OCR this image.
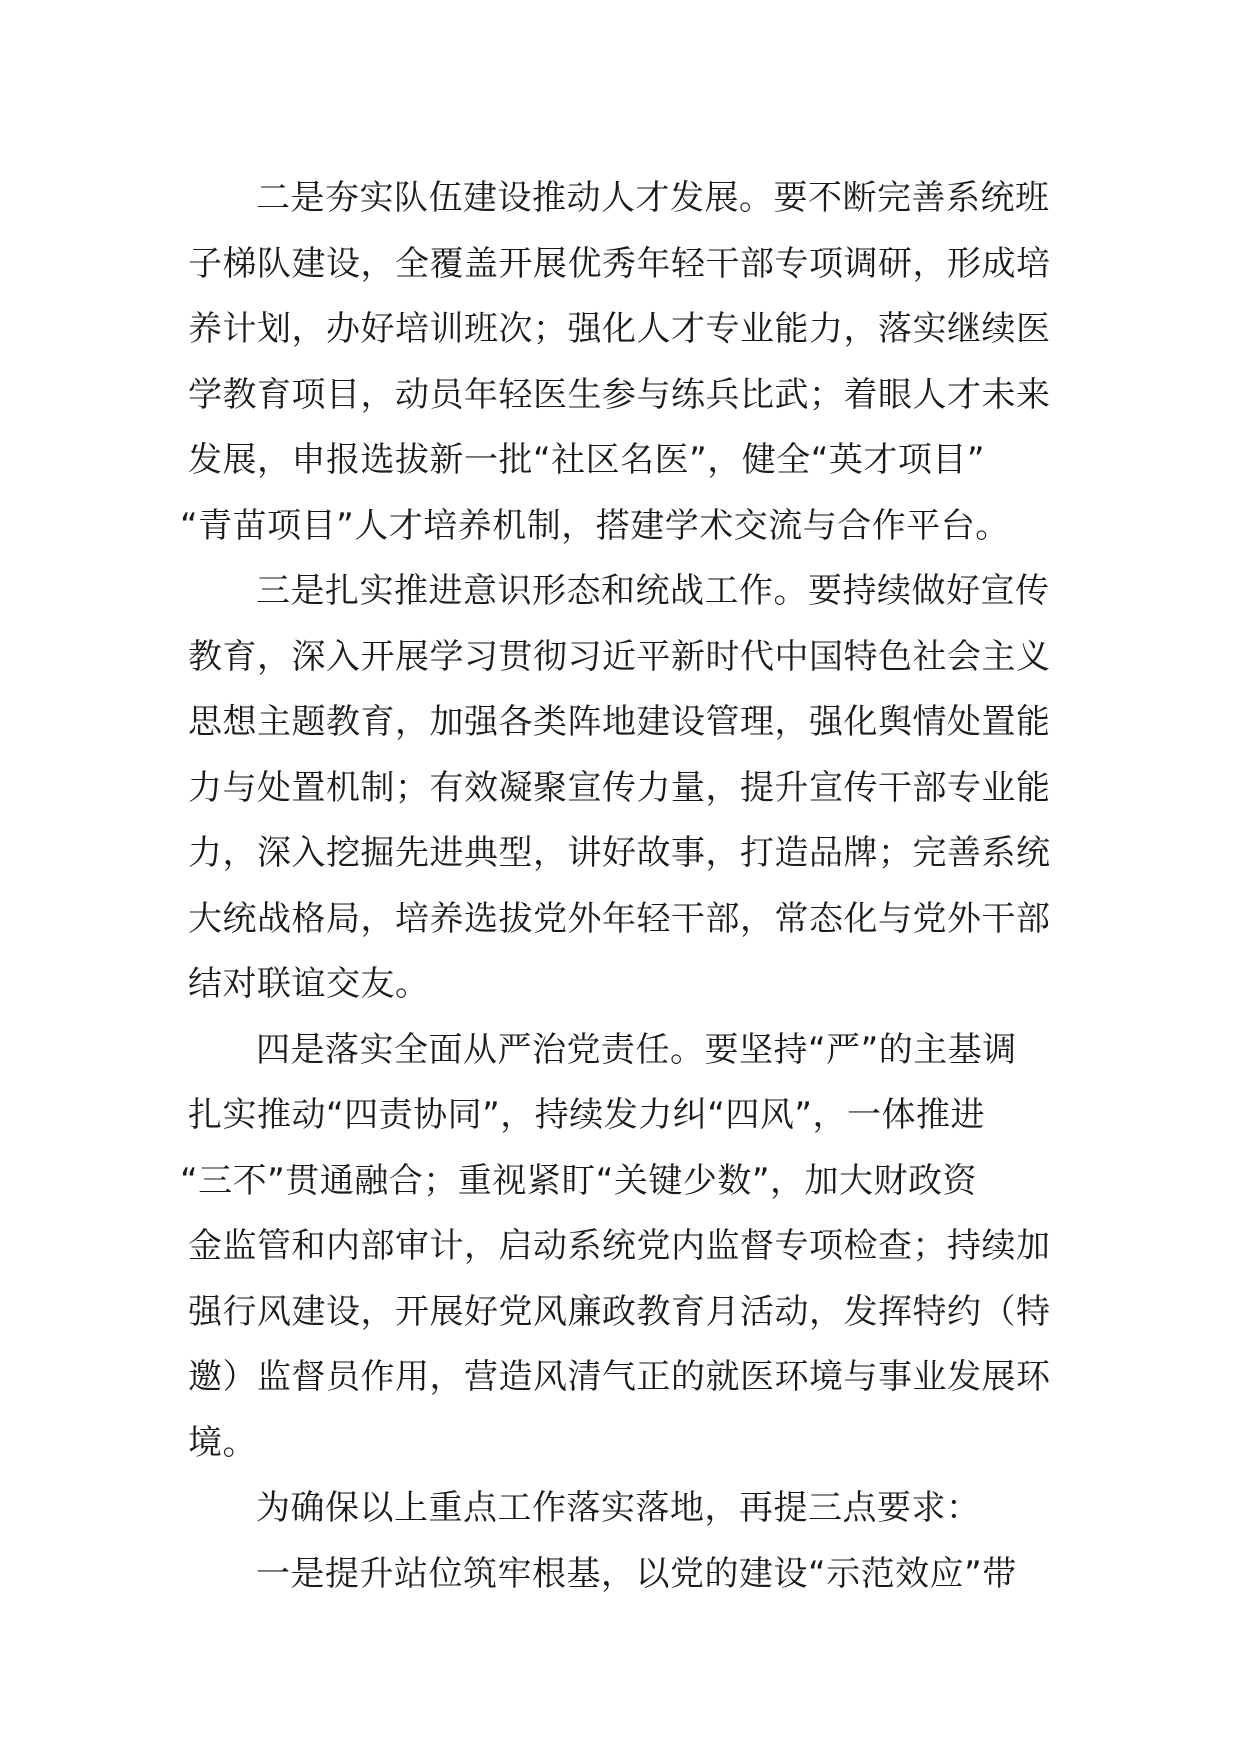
二是夯实队伍建设推动人才发展。要不断完善系统班
子梯队建设，全覆盖开展优秀年轻干部专项调研，形成培
养计划，办好培训班次；强化人才专业能力，落实继续医
学教育项目，动员年轻医生参与练兵比武；着眼人才未来
发展，申报选拔新一批“社区名医”，健全“英才项目”
“青苗项目”人才培养机制，搭建学术交流与合作平台。

三是扎实推进意识形态和统战工作。要持续做好宣传
教育，深入开展学习贯彻习近平新时代中国特色社会主义
思想主题教育，加强各类阵地建设管理，强化舆情处置能
力与处置机制；有效凝聚宣传力量，提升宣传干部专业能
力，深入挖掘先进典型，讲好故事，打造品牌；完善系统
大统战格局，培养选拔党外年轻干部，常态化与党外干部
结对联谊交友。

四是落实全面从严治党责任。要坚持“严”的主基调
扎实推动“四责协同”，持续发力纠“四风”，一体推进
“三不”贯通融合；重视紧盯“关键少数”，加大财政资
金监管和内部审计，启动系统党内监督专项检查；持续加
强行风建设，开展好党风廉政教育月活动，发挥特约（特
邀）监督员作用，营造风清气正的就医环境与事业发展环
境。

为确保以上重点工作落实落地，再提三点要求：

一是提升站位筑牢根基，以党的建设“示范效应”带
